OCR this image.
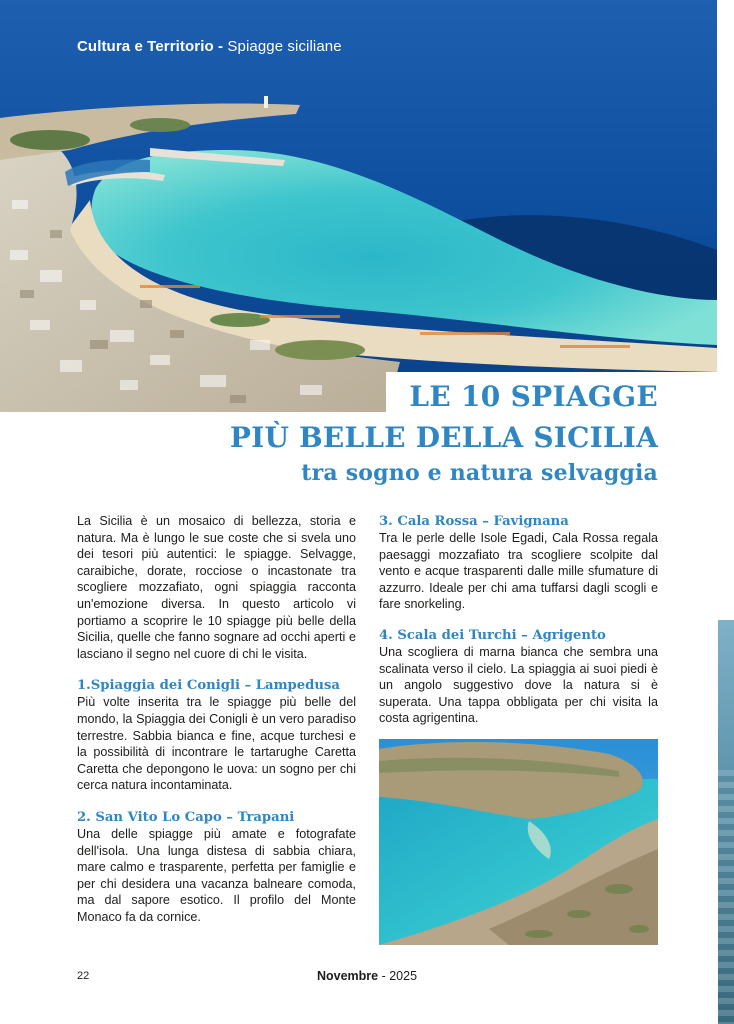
Cultura e Territorio - Spiagge siciliane
LE 10 SPIAGGE
PIÙ BELLE DELLA SICILIA
tra sogno e natura selvaggia

La Sicilia è un mosaico di bellezza, storia e natura. Ma è lungo le sue coste che si svela uno dei tesori più autentici: le spiagge. Selvagge, caraibiche, dorate, rocciose o incastonate tra scogliere mozzafiato, ogni spiaggia racconta un'emozione diversa. In questo articolo vi portiamo a scoprire le 10 spiagge più belle della Sicilia, quelle che fanno sognare ad occhi aperti e lasciano il segno nel cuore di chi le visita.

1.Spiaggia dei Conigli – Lampedusa

Più volte inserita tra le spiagge più belle del mondo, la Spiaggia dei Conigli è un vero paradiso terrestre. Sabbia bianca e fine, acque turchesi e la possibilità di incontrare le tartarughe Caretta Caretta che depongono le uova: un sogno per chi cerca natura incontaminata.

2. San Vito Lo Capo – Trapani

Una delle spiagge più amate e fotografate dell'isola. Una lunga distesa di sabbia chiara, mare calmo e trasparente, perfetta per famiglie e per chi desidera una vacanza balneare comoda, ma dal sapore esotico. Il profilo del Monte Monaco fa da cornice.

3. Cala Rossa – Favignana

Tra le perle delle Isole Egadi, Cala Rossa regala paesaggi mozzafiato tra scogliere scolpite dal vento e acque trasparenti dalle mille sfumature di azzurro. Ideale per chi ama tuffarsi dagli scogli e fare snorkeling.

4. Scala dei Turchi – Agrigento

Una scogliera di marna bianca che sembra una scalinata verso il cielo. La spiaggia ai suoi piedi è un angolo suggestivo dove la natura si è superata. Una tappa obbligata per chi visita la costa agrigentina.

22	Novembre - 2025
